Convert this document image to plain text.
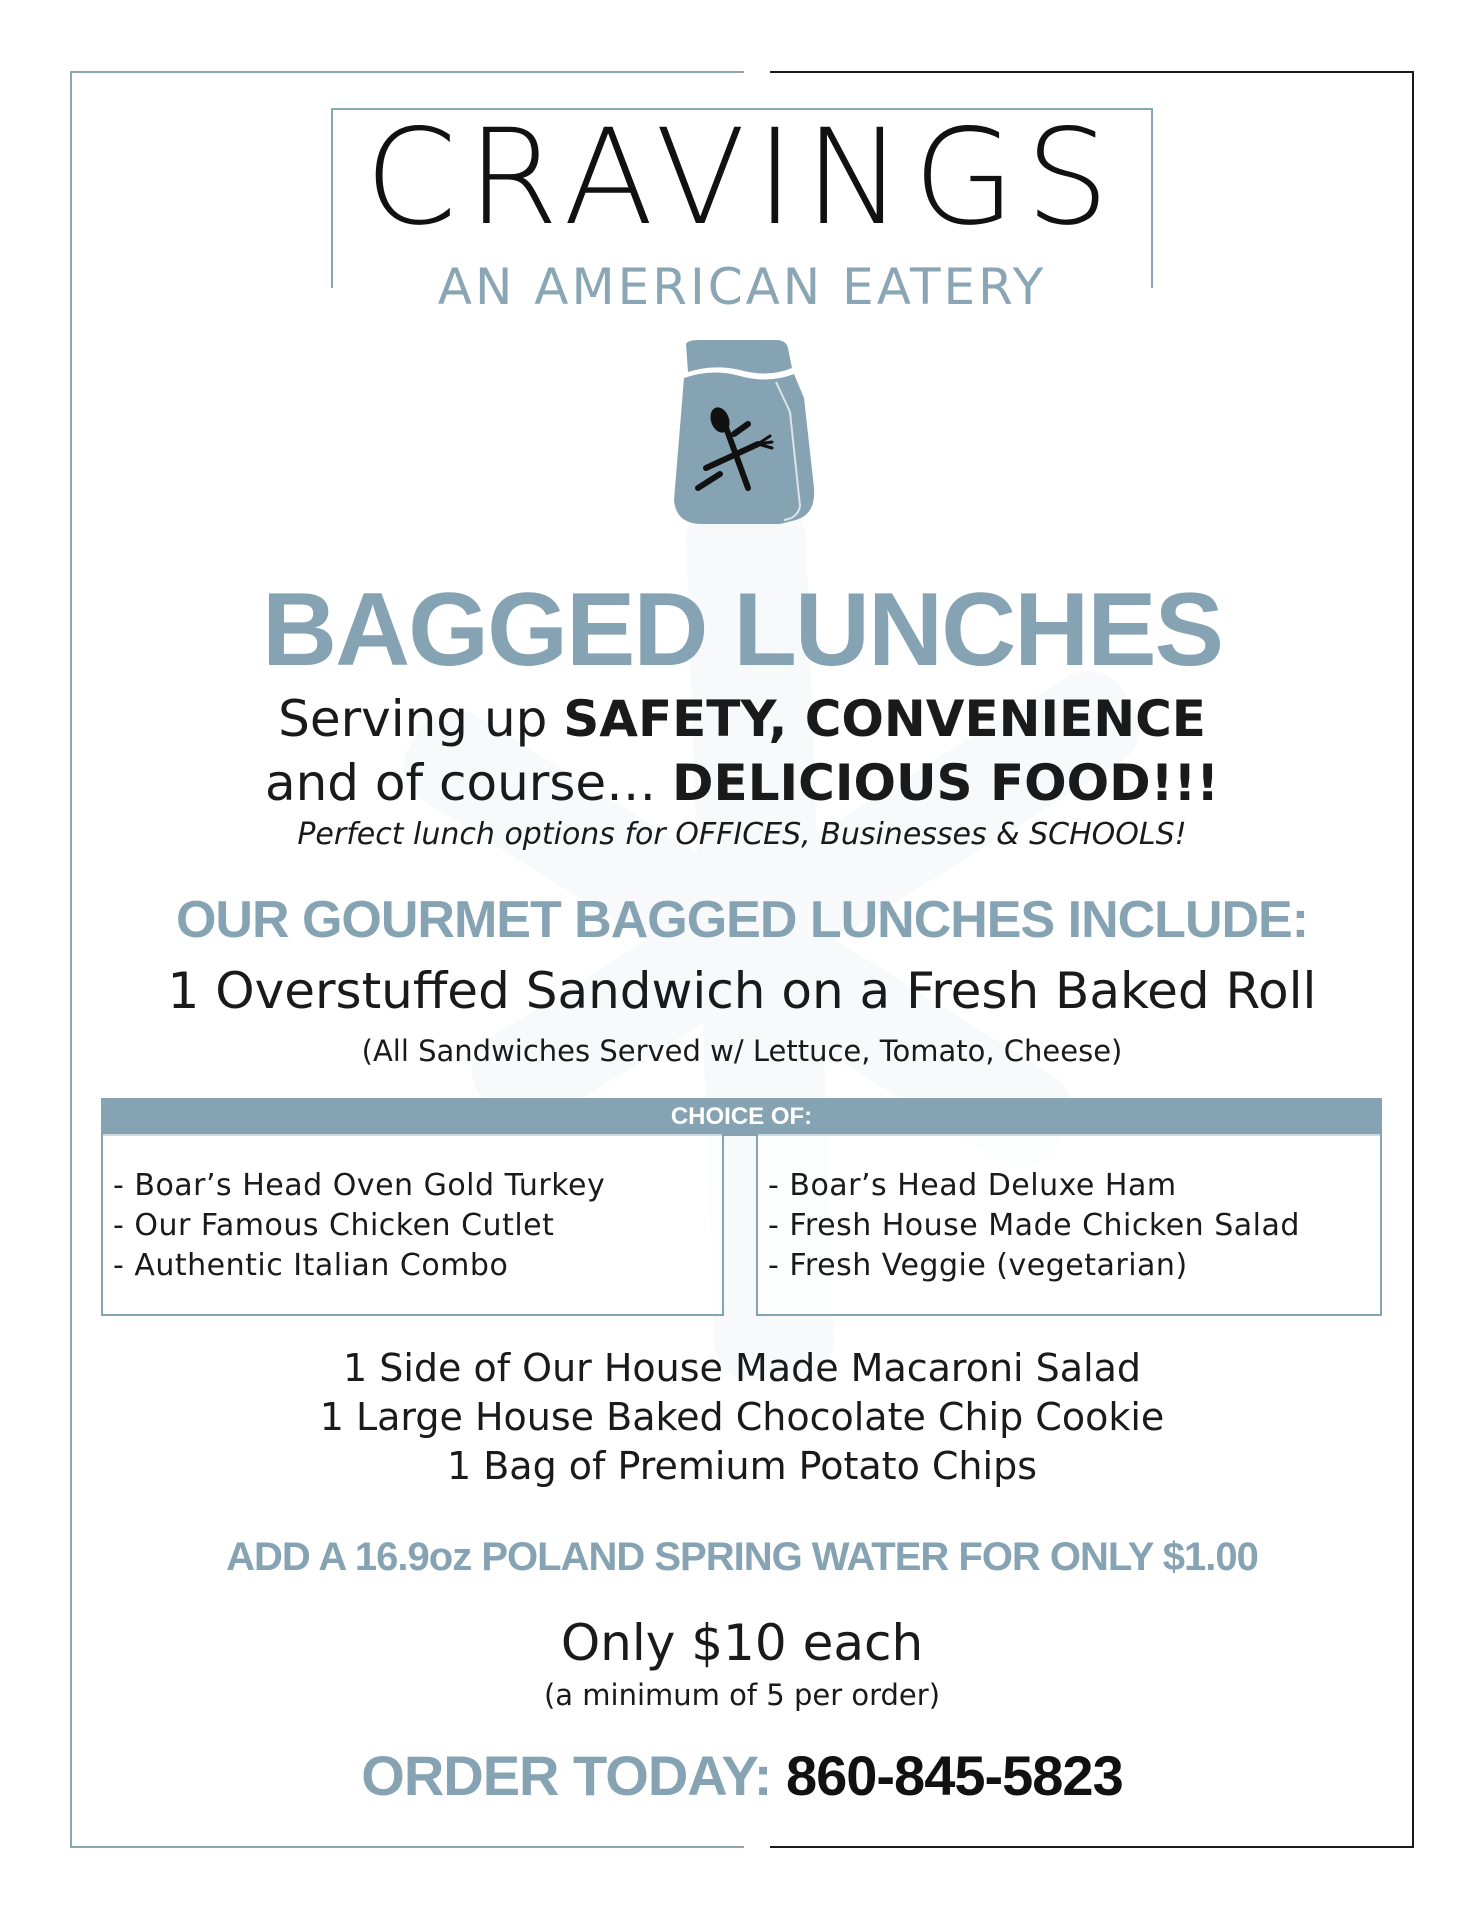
CRAVINGS
AN AMERICAN EATERY
BAGGED LUNCHES
Serving up SAFETY, CONVENIENCE
and of course… DELICIOUS FOOD!!!
Perfect lunch options for OFFICES, Businesses & SCHOOLS!
OUR GOURMET BAGGED LUNCHES INCLUDE:
1 Overstuffed Sandwich on a Fresh Baked Roll
(All Sandwiches Served w/ Lettuce, Tomato, Cheese)
CHOICE OF:
- Boar’s Head Oven Gold Turkey
- Our Famous Chicken Cutlet
- Authentic Italian Combo
- Boar’s Head Deluxe Ham
- Fresh House Made Chicken Salad
- Fresh Veggie (vegetarian)
1 Side of Our House Made Macaroni Salad
1 Large House Baked Chocolate Chip Cookie
1 Bag of Premium Potato Chips
ADD A 16.9oz POLAND SPRING WATER FOR ONLY $1.00
Only $10 each
(a minimum of 5 per order)
ORDER TODAY: 860-845-5823
